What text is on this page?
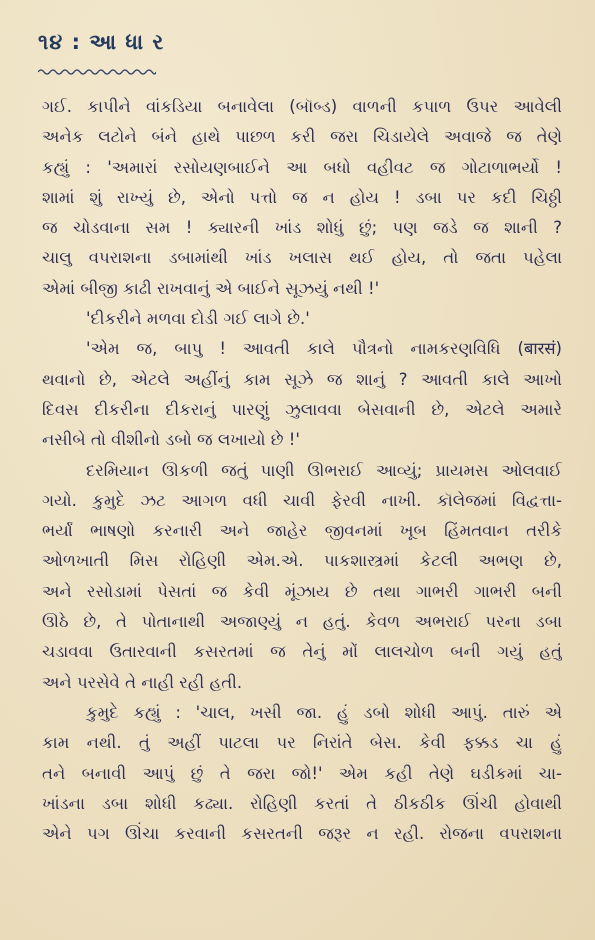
૧૪ : આ ધા ર
ગઈ. કાપીને વાંકડિયા બનાવેલા (બૉબ્ડ) વાળની કપાળ ઉપર આવેલી
અનેક લટોને બંને હાથે પાછળ કરી જરા ચિડાયેલે અવાજે જ તેણે
કહ્યું : 'અમારાં રસોયણબાઈને આ બધો વહીવટ જ ગોટાળાભર્યો !
શામાં શું રાખ્યું છે, એનો પત્તો જ ન હોય ! ડબા પર કદી ચિઠ્ઠી
જ ચોડવાના સમ ! ક્યારની ખાંડ શોધું છું; પણ જડે જ શાની ?
ચાલુ વપરાશના ડબામાંથી ખાંડ ખલાસ થઈ હોય, તો જતા પહેલા
એમાં બીજી કાઢી રાખવાનું એ બાઈને સૂઝયું નથી !'
'દીકરીને મળવા દોડી ગઈ લાગે છે.'
'એમ જ, બાપુ ! આવતી કાલે પૌત્રનો નામકરણવિધિ (बारसं)
થવાનો છે, એટલે અહીંનું કામ સૂઝે જ શાનું ? આવતી કાલે આખો
દિવસ દીકરીના દીકરાનું પારણું ઝુલાવવા બેસવાની છે, એટલે અમારે
નસીબે તો વીશીનો ડબો જ લખાયો છે !'
દરમિયાન ઊકળી જતું પાણી ઊભરાઈ આવ્યું; પ્રાયમસ ઓલવાઈ
ગયો. કુમુદે ઝટ આગળ વધી ચાવી ફેરવી નાખી. કૉલેજમાં વિદ્વત્તા-
ભર્યાં ભાષણો કરનારી અને જાહેર જીવનમાં ખૂબ હિંમતવાન તરીકે
ઓળખાતી મિસ રોહિણી એમ.એ. પાકશાસ્ત્રમાં કેટલી અભણ છે,
અને રસોડામાં પેસતાં જ કેવી મૂંઝાય છે તથા ગાભરી ગાભરી બની
ઊઠે છે, તે પોતાનાથી અજાણ્યું ન હતું. કેવળ અભરાઈ પરના ડબા
ચડાવવા ઉતારવાની કસરતમાં જ તેનું મોં લાલચોળ બની ગયું હતું
અને પરસેવે તે નાહી રહી હતી.
કુમુદે કહ્યું : 'ચાલ, ખસી જા. હું ડબો શોધી આપું. તારું એ
કામ નથી. તું અહીં પાટલા પર નિરાંતે બેસ. કેવી ફક્કડ ચા હું
તને બનાવી આપું છું તે જરા જો!' એમ કહી તેણે ઘડીકમાં ચા-
ખાંડના ડબા શોધી કઢ્યા. રોહિણી કરતાં તે ઠીકઠીક ઊંચી હોવાથી
એને પગ ઊંચા કરવાની કસરતની જરૂર ન રહી. રોજના વપરાશના
